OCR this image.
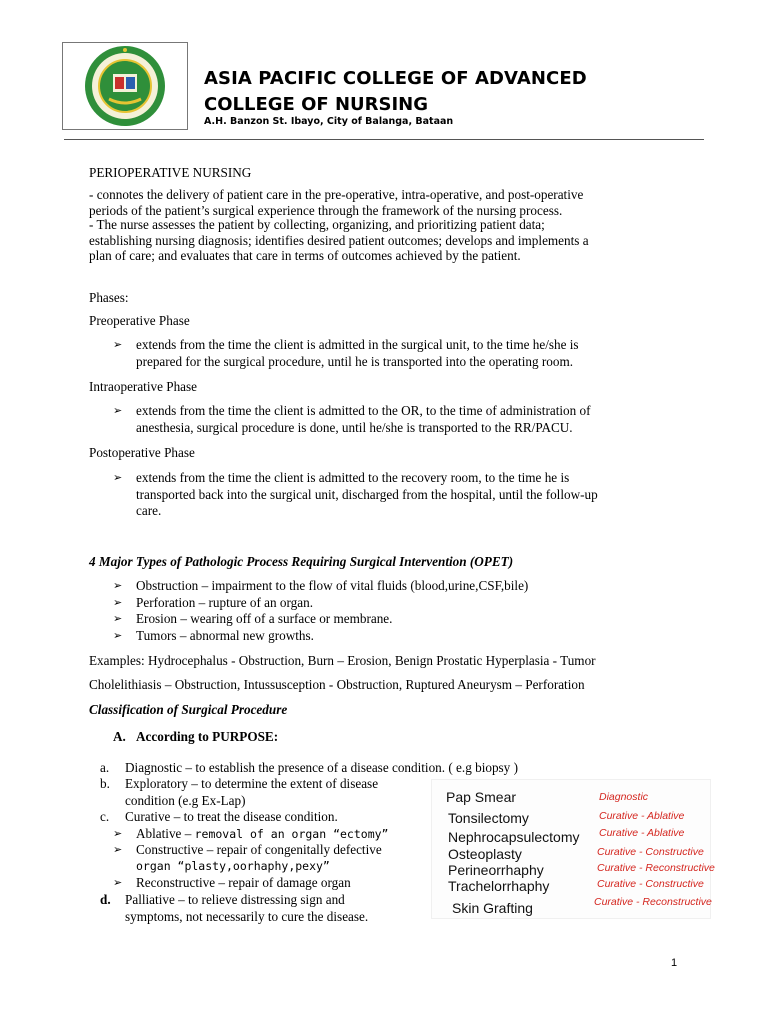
ASIA PACIFIC COLLEGE OF ADVANCED
COLLEGE OF NURSING
A.H. Banzon St. Ibayo, City of Balanga, Bataan
PERIOPERATIVE NURSING
- connotes the delivery of patient care in the pre-operative, intra-operative, and post-operative
periods of the patient’s surgical experience through the framework of the nursing process.
- The nurse assesses the patient by collecting, organizing, and prioritizing patient data;
establishing nursing diagnosis; identifies desired patient outcomes; develops and implements a
plan of care; and evaluates that care in terms of outcomes achieved by the patient.
Phases:
Preoperative Phase
➢ extends from the time the client is admitted in the surgical unit, to the time he/she is
prepared for the surgical procedure, until he is transported into the operating room.
Intraoperative Phase
➢ extends from the time the client is admitted to the OR, to the time of administration of
anesthesia, surgical procedure is done, until he/she is transported to the RR/PACU.
Postoperative Phase
➢ extends from the time the client is admitted to the recovery room, to the time he is
transported back into the surgical unit, discharged from the hospital, until the follow-up
care.
4 Major Types of Pathologic Process Requiring Surgical Intervention (OPET)
➢ Obstruction – impairment to the flow of vital fluids (blood,urine,CSF,bile)
➢ Perforation – rupture of an organ.
➢ Erosion – wearing off of a surface or membrane.
➢ Tumors – abnormal new growths.
Examples: Hydrocephalus - Obstruction, Burn – Erosion, Benign Prostatic Hyperplasia - Tumor
Cholelithiasis – Obstruction, Intussusception - Obstruction, Ruptured Aneurysm – Perforation
Classification of Surgical Procedure
A. According to PURPOSE:
a. Diagnostic – to establish the presence of a disease condition. ( e.g biopsy )
b. Exploratory – to determine the extent of disease
condition (e.g Ex-Lap)
c. Curative – to treat the disease condition.
➢ Ablative – removal of an organ “ectomy”
➢ Constructive – repair of congenitally defective
organ “plasty,oorhaphy,pexy”
➢ Reconstructive – repair of damage organ
d. Palliative – to relieve distressing sign and
symptoms, not necessarily to cure the disease.
Pap Smear
Tonsilectomy
Nephrocapsulectomy
Osteoplasty
Perineorrhaphy
Trachelorrhaphy
Skin Grafting
Diagnostic
Curative - Ablative
Curative - Ablative
Curative - Constructive
Curative - Reconstructive
Curative - Constructive
Curative - Reconstructive
1
